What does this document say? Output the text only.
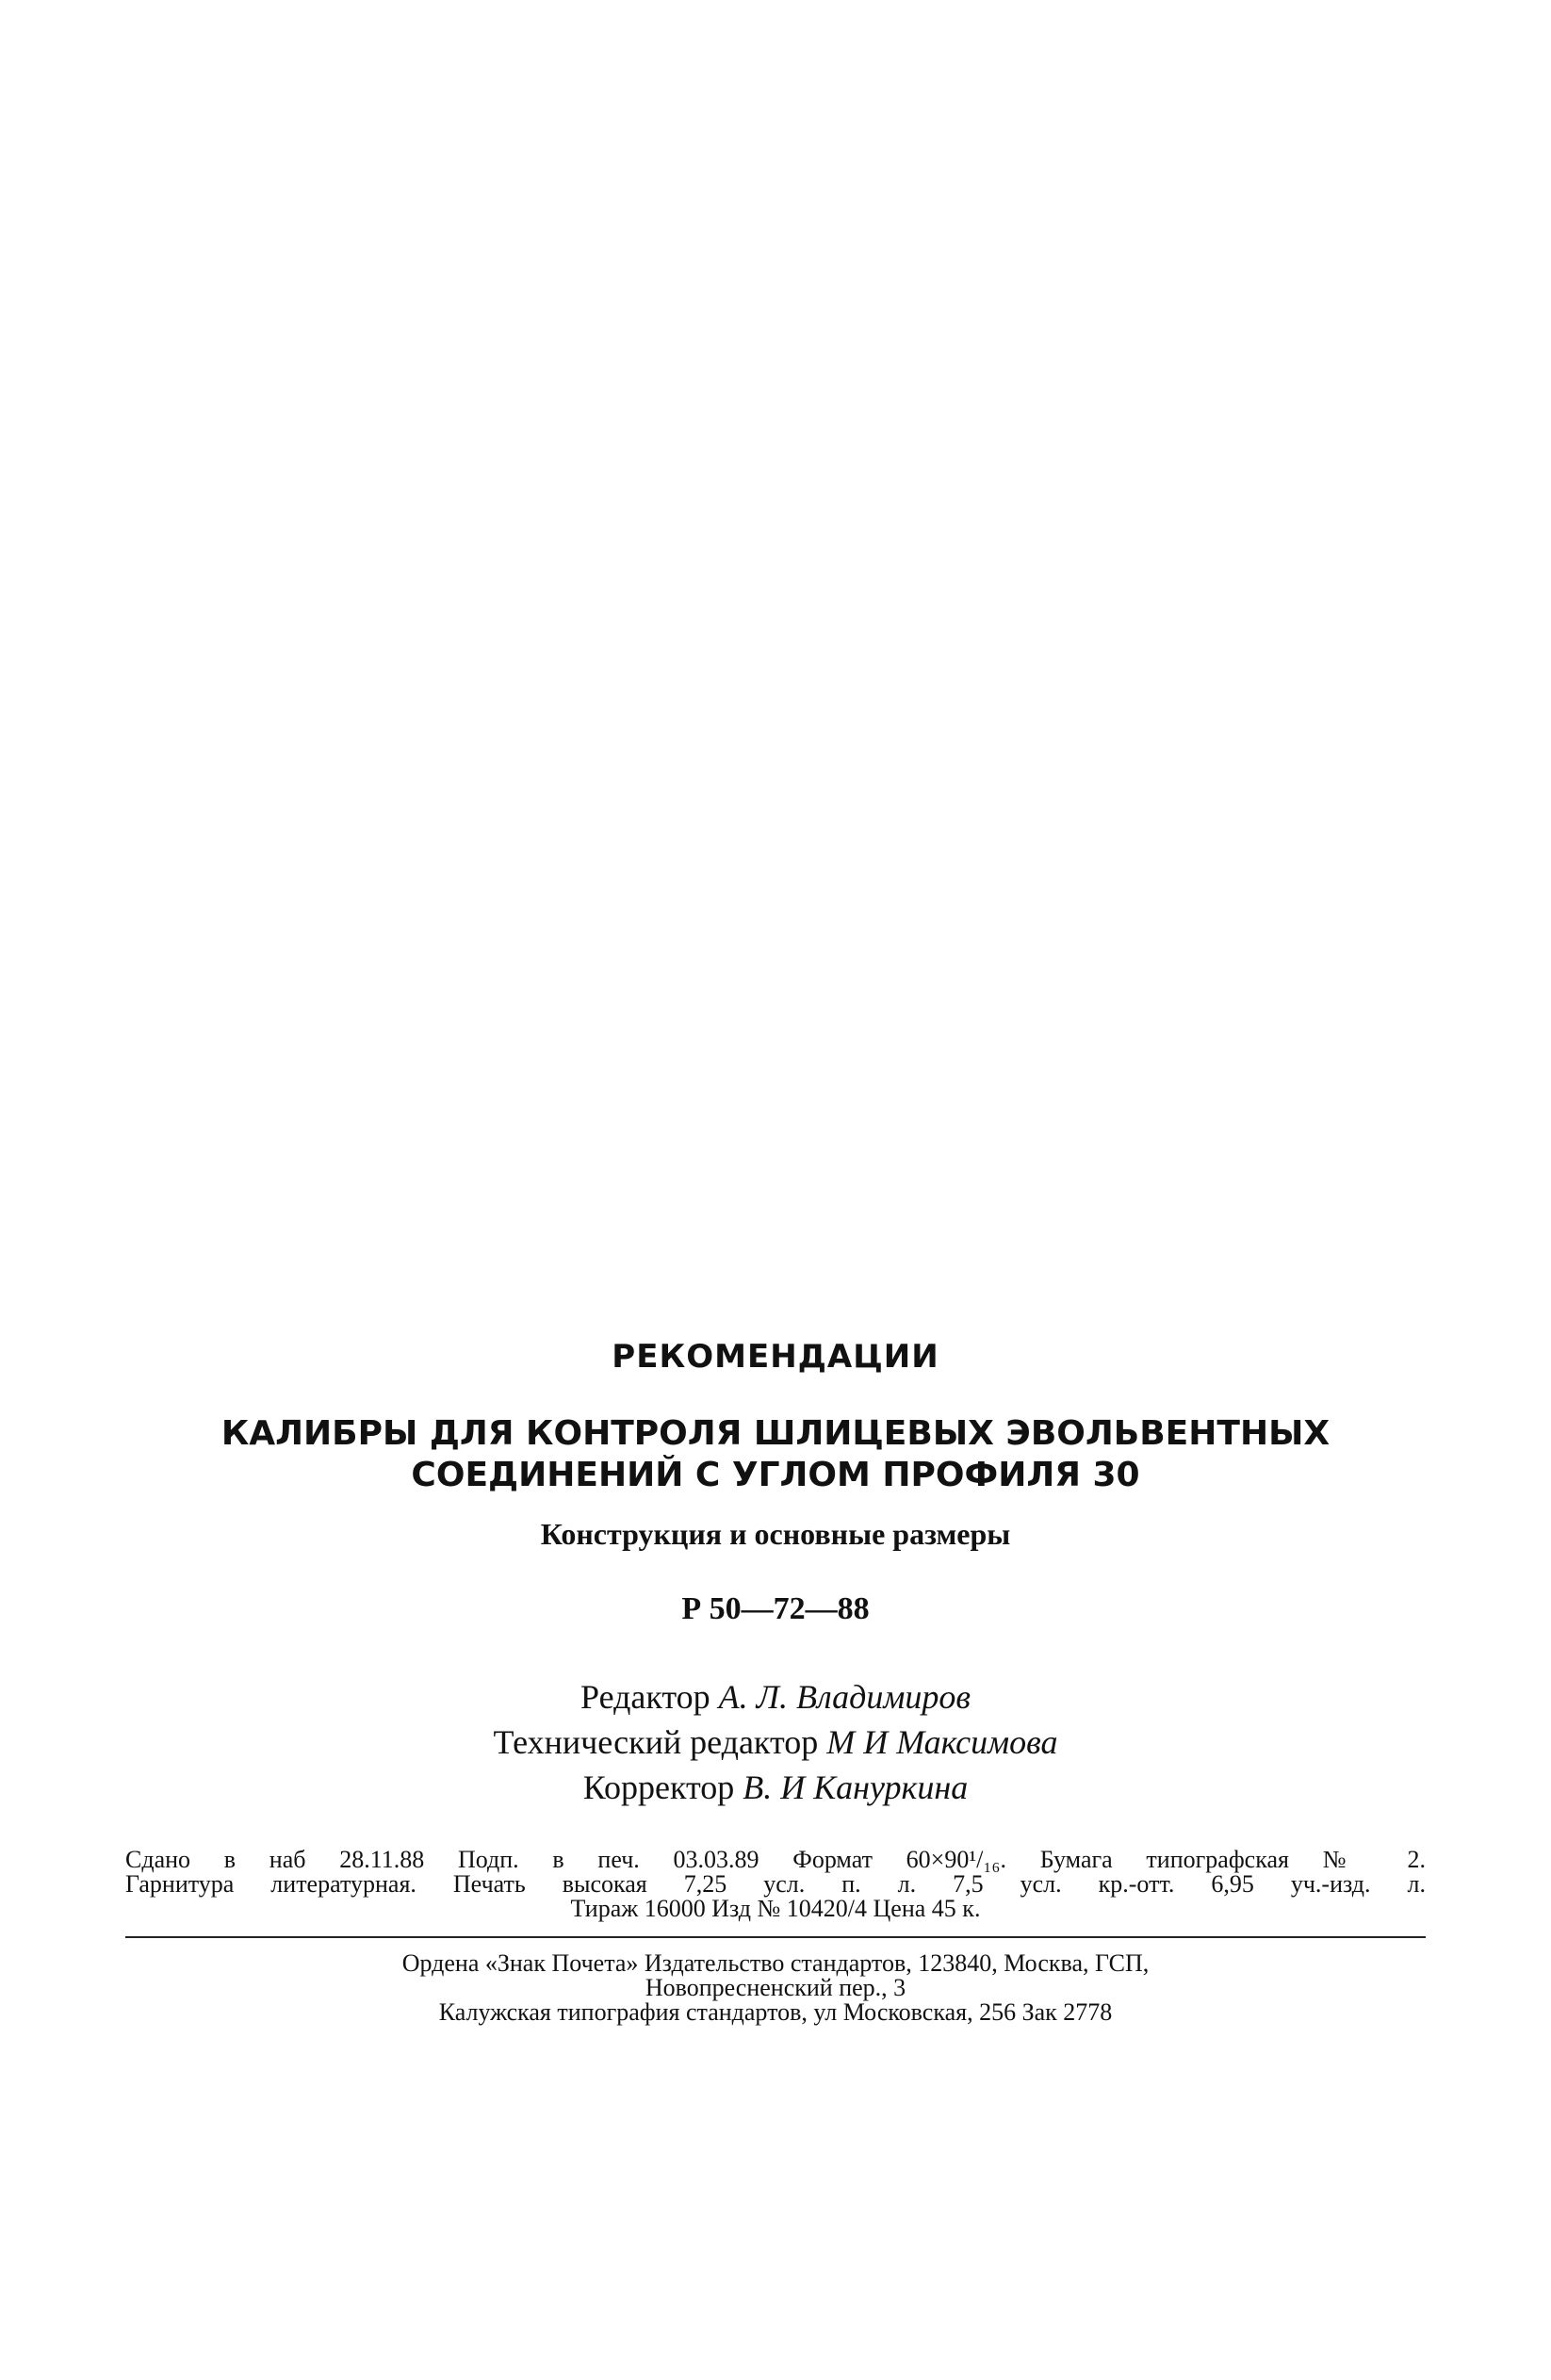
РЕКОМЕНДАЦИИ
КАЛИБРЫ ДЛЯ КОНТРОЛЯ ШЛИЦЕВЫХ ЭВОЛЬВЕНТНЫХ
СОЕДИНЕНИЙ С УГЛОМ ПРОФИЛЯ 30
Конструкция и основные размеры
Р 50—72—88
Редактор А. Л. Владимиров
Технический редактор М И Максимова
Корректор В. И Кануркина
Сдано в наб 28.11.88 Подп. в печ. 03.03.89 Формат 60×90¹/₁₆. Бумага типографская № 2.
Гарнитура литературная. Печать высокая 7,25 усл. п. л. 7,5 усл. кр.-отт. 6,95 уч.-изд. л.
Тираж 16000 Изд № 10420/4 Цена 45 к.
Ордена «Знак Почета» Издательство стандартов, 123840, Москва, ГСП,
Новопресненский пер., 3
Калужская типография стандартов, ул Московская, 256 Зак 2778
